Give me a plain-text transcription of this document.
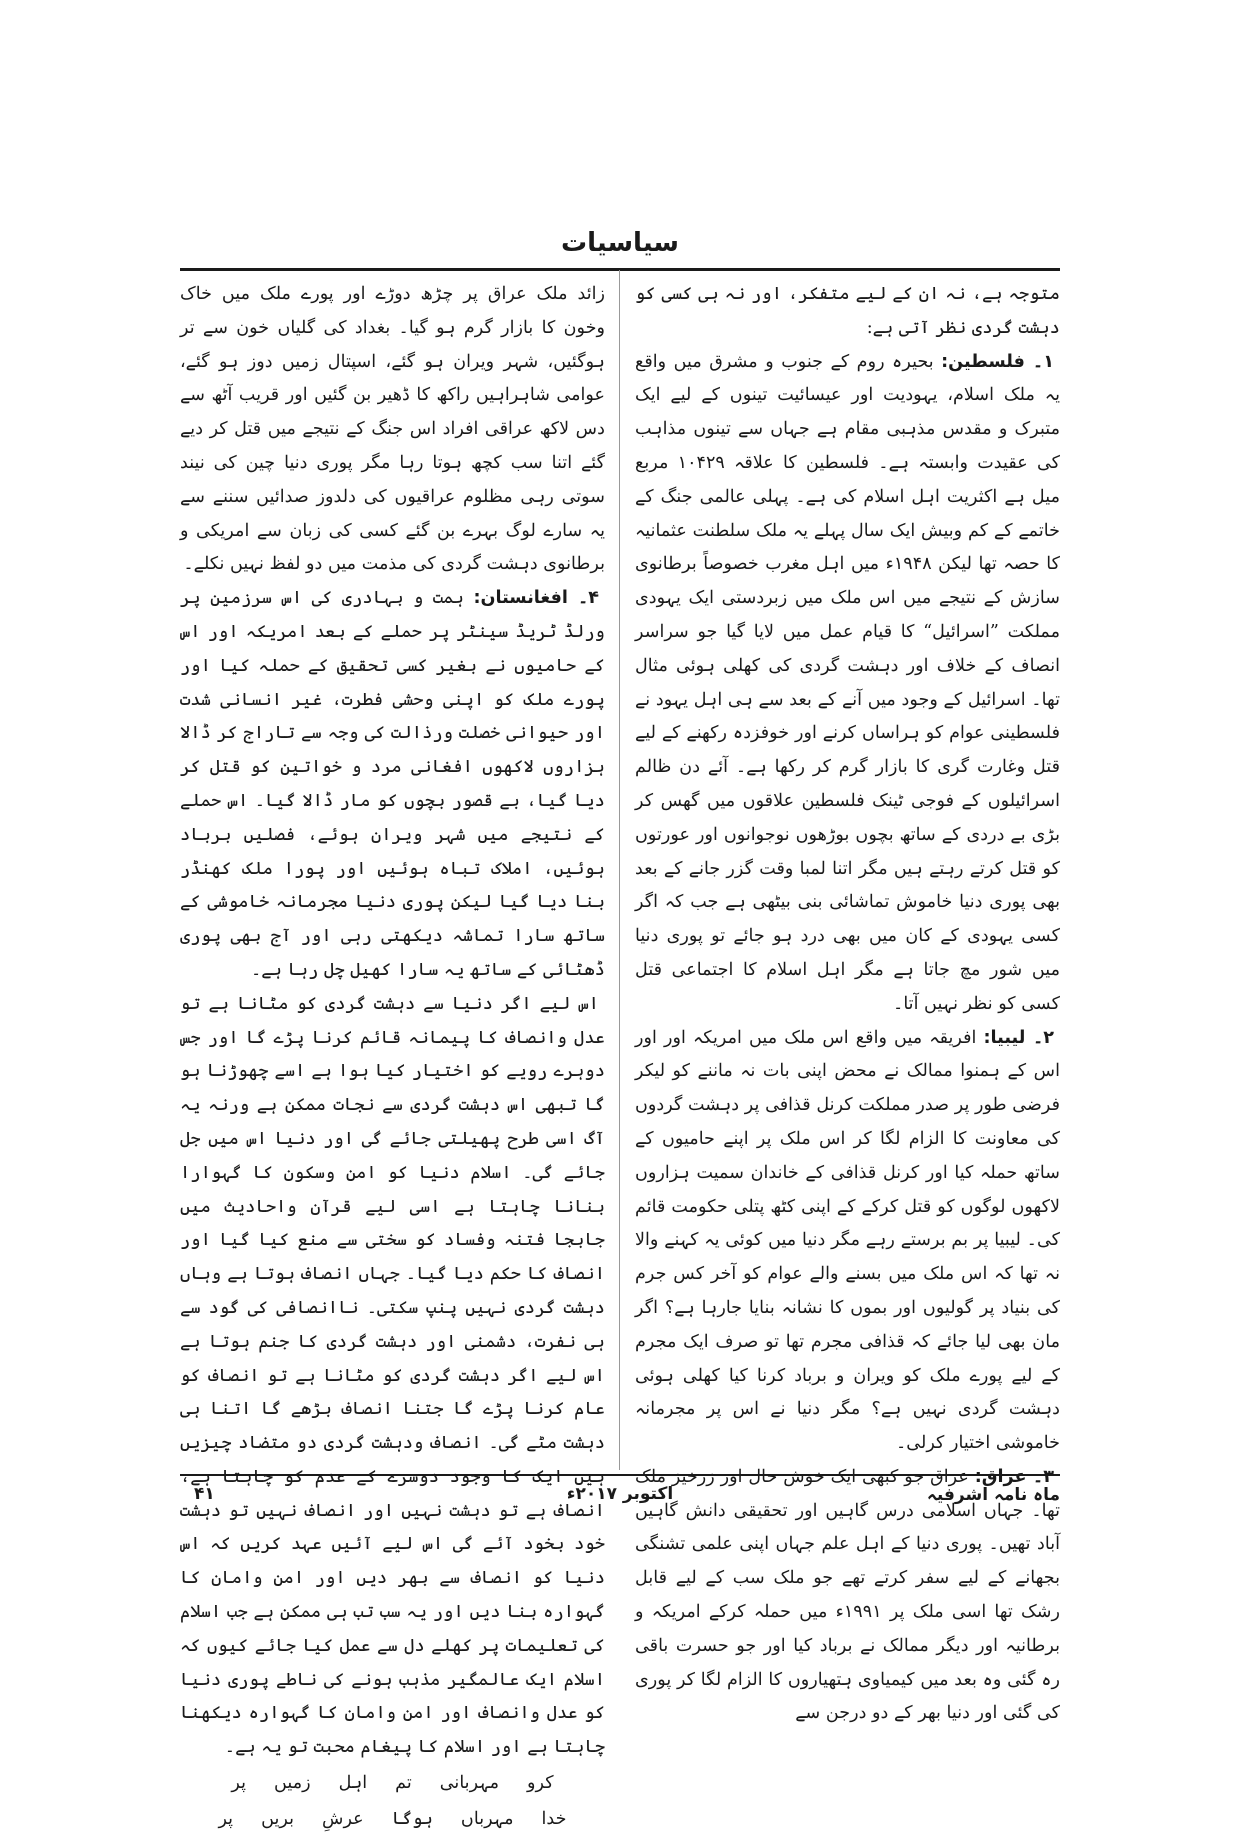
سیاسیات

متوجہ ہے، نہ ان کے لیے متفکر، اور نہ ہی کسی کو دہشت گردی نظر آتی ہے:

۱۔ فلسطین: بحیرہ روم کے جنوب و مشرق میں واقع یہ ملک اسلام، یہودیت اور عیسائیت تینوں کے لیے ایک متبرک و مقدس مذہبی مقام ہے جہاں سے تینوں مذاہب کی عقیدت وابستہ ہے۔ فلسطین کا علاقہ ۱۰۴۲۹ مربع میل ہے اکثریت اہل اسلام کی ہے۔ پہلی عالمی جنگ کے خاتمے کے کم وبیش ایک سال پہلے یہ ملک سلطنت عثمانیہ کا حصہ تھا لیکن ۱۹۴۸ء میں اہل مغرب خصوصاً برطانوی سازش کے نتیجے میں اس ملک میں زبردستی ایک یہودی مملکت ”اسرائیل“ کا قیام عمل میں لایا گیا جو سراسر انصاف کے خلاف اور دہشت گردی کی کھلی ہوئی مثال تھا۔ اسرائیل کے وجود میں آنے کے بعد سے ہی اہل یہود نے فلسطینی عوام کو ہراساں کرنے اور خوفزدہ رکھنے کے لیے قتل وغارت گری کا بازار گرم کر رکھا ہے۔ آئے دن ظالم اسرائیلوں کے فوجی ٹینک فلسطین علاقوں میں گھس کر بڑی بے دردی کے ساتھ بچوں بوڑھوں نوجوانوں اور عورتوں کو قتل کرتے رہتے ہیں مگر اتنا لمبا وقت گزر جانے کے بعد بھی پوری دنیا خاموش تماشائی بنی بیٹھی ہے جب کہ اگر کسی یہودی کے کان میں بھی درد ہو جائے تو پوری دنیا میں شور مچ جاتا ہے مگر اہل اسلام کا اجتماعی قتل کسی کو نظر نہیں آتا۔

۲۔ لیبیا: افریقہ میں واقع اس ملک میں امریکہ اور اور اس کے ہمنوا ممالک نے محض اپنی بات نہ ماننے کو لیکر فرضی طور پر صدر مملکت کرنل قذافی پر دہشت گردوں کی معاونت کا الزام لگا کر اس ملک پر اپنے حامیوں کے ساتھ حملہ کیا اور کرنل قذافی کے خاندان سمیت ہزاروں لاکھوں لوگوں کو قتل کرکے کے اپنی کٹھ پتلی حکومت قائم کی۔ لیبیا پر بم برستے رہے مگر دنیا میں کوئی یہ کہنے والا نہ تھا کہ اس ملک میں بسنے والے عوام کو آخر کس جرم کی بنیاد پر گولیوں اور بموں کا نشانہ بنایا جارہا ہے؟ اگر مان بھی لیا جائے کہ قذافی مجرم تھا تو صرف ایک مجرم کے لیے پورے ملک کو ویران و برباد کرنا کیا کھلی ہوئی دہشت گردی نہیں ہے؟ مگر دنیا نے اس پر مجرمانہ خاموشی اختیار کرلی۔

۳۔ عراق: عراق جو کبھی ایک خوش حال اور زرخیز ملک تھا۔ جہاں اسلامی درس گاہیں اور تحقیقی دانش گاہیں آباد تھیں۔ پوری دنیا کے اہل علم جہاں اپنی علمی تشنگی بجھانے کے لیے سفر کرتے تھے جو ملک سب کے لیے قابل رشک تھا اسی ملک پر ۱۹۹۱ء میں حملہ کرکے امریکہ و برطانیہ اور دیگر ممالک نے برباد کیا اور جو حسرت باقی رہ گئی وہ بعد میں کیمیاوی ہتھیاروں کا الزام لگا کر پوری کی گئی اور دنیا بھر کے دو درجن سے

زائد ملک عراق پر چڑھ دوڑے اور پورے ملک میں خاک وخون کا بازار گرم ہو گیا۔ بغداد کی گلیاں خون سے تر ہوگئیں، شہر ویران ہو گئے، اسپتال زمیں دوز ہو گئے، عوامی شاہراہیں راکھ کا ڈھیر بن گئیں اور قریب آٹھ سے دس لاکھ عراقی افراد اس جنگ کے نتیجے میں قتل کر دیے گئے اتنا سب کچھ ہوتا رہا مگر پوری دنیا چین کی نیند سوتی رہی مظلوم عراقیوں کی دلدوز صدائیں سننے سے یہ سارے لوگ بہرے بن گئے کسی کی زبان سے امریکی و برطانوی دہشت گردی کی مذمت میں دو لفظ نہیں نکلے۔

۴۔ افغانستان: ہمت و بہادری کی اس سرزمین پر ورلڈ ٹریڈ سینٹر پر حملے کے بعد امریکہ اور اس کے حامیوں نے بغیر کسی تحقیق کے حملہ کیا اور پورے ملک کو اپنی وحشی فطرت، غیر انسانی شدت اور حیوانی خصلت ورذالت کی وجہ سے تاراج کر ڈالا ہزاروں لاکھوں افغانی مرد و خواتین کو قتل کر دیا گیا، بے قصور بچوں کو مار ڈالا گیا۔ اس حملے کے نتیجے میں شہر ویران ہوئے، فصلیں برباد ہوئیں، املاک تباہ ہوئیں اور پورا ملک کھنڈر بنا دیا گیا لیکن پوری دنیا مجرمانہ خاموشی کے ساتھ سارا تماشہ دیکھتی رہی اور آج بھی پوری ڈھٹائی کے ساتھ یہ سارا کھیل چل رہا ہے۔

اس لیے اگر دنیا سے دہشت گردی کو مٹانا ہے تو عدل وانصاف کا پیمانہ قائم کرنا پڑے گا اور جس دوہرے رویے کو اختیار کیا ہوا ہے اسے چھوڑنا ہو گا تبھی اس دہشت گردی سے نجات ممکن ہے ورنہ یہ آگ اسی طرح پھیلتی جائے گی اور دنیا اس میں جل جائے گی۔ اسلام دنیا کو امن وسکون کا گہوارا بنانا چاہتا ہے اسی لیے قرآن واحادیث میں جابجا فتنہ وفساد کو سختی سے منع کیا گیا اور انصاف کا حکم دیا گیا۔ جہاں انصاف ہوتا ہے وہاں دہشت گردی نہیں پنپ سکتی۔ ناانصافی کی گود سے ہی نفرت، دشمنی اور دہشت گردی کا جنم ہوتا ہے اس لیے اگر دہشت گردی کو مٹانا ہے تو انصاف کو عام کرنا پڑے گا جتنا انصاف بڑھے گا اتنا ہی دہشت مٹے گی۔ انصاف ودہشت گردی دو متضاد چیزیں ہیں ایک کا وجود دوسرے کے عدم کو چاہتا ہے، انصاف ہے تو دہشت نہیں اور انصاف نہیں تو دہشت خود بخود آئے گی اس لیے آئیں عہد کریں کہ اس دنیا کو انصاف سے بھر دیں اور امن وامان کا گہوارہ بنا دیں اور یہ سب تب ہی ممکن ہے جب اسلام کی تعلیمات پر کھلے دل سے عمل کیا جائے کیوں کہ اسلام ایک عالمگیر مذہب ہونے کی ناطے پوری دنیا کو عدل وانصاف اور امن وامان کا گہوارہ دیکھنا چاہتا ہے اور اسلام کا پیغام محبت تو یہ ہے۔

کرو
مہربانی
تم
اہل
زمیں
پر
خدا
مہرباں
ہوگا
عرشِ
بریں
پر
ماہ نامہ اشرفیہ
اکتوبر ۲۰۱۷ء
۴۱
